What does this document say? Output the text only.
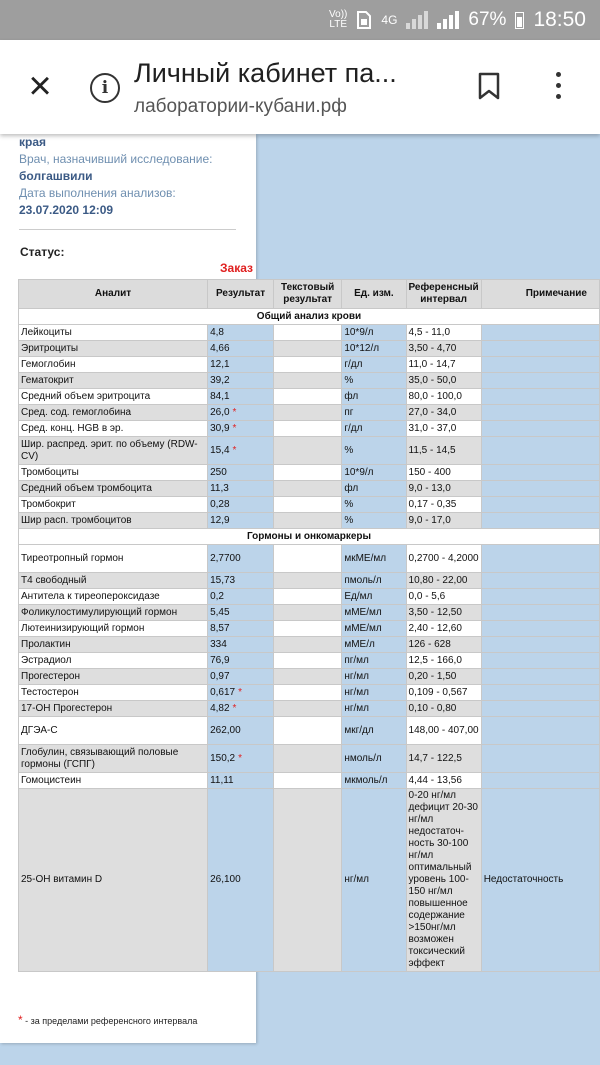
Vo))
LTE	4G	67% 18:50
×	i Личный кабинет па...
лаборатории-кубани.рф
края
Врач, назначивший исследование:
болгашвили
Дата выполнения анализов:
23.07.2020 12:09
Статус:
Заказ
* - за пределами референсного интервала
Аналит	Результат	Текстовый результат	Ед. изм.	Референсный интервал	Примечание
Общий анализ крови					
Лейкоциты	4,8		10*9/л	4,5 - 11,0	
Эритроциты	4,66		10*12/л	3,50 - 4,70	
Гемоглобин	12,1		г/дл	11,0 - 14,7	
Гематокрит	39,2		%	35,0 - 50,0	
Средний объем эритроцита	84,1		фл	80,0 - 100,0	
Сред. сод. гемоглобина	26,0 *		пг	27,0 - 34,0	
Сред. конц. HGB в эр.	30,9 *		г/дл	31,0 - 37,0	
Шир. распред. эрит. по объему (RDW-CV)	15,4 *		%	11,5 - 14,5	
Тромбоциты	250		10*9/л	150 - 400	
Средний объем тромбоцита	11,3		фл	9,0 - 13,0	
Тромбокрит	0,28		%	0,17 - 0,35	
Шир расп. тромбоцитов	12,9		%	9,0 - 17,0	
Гормоны и онкомаркеры					
Тиреотропный гормон	2,7700		мкМЕ/мл	0,2700 - 4,2000	
Т4 свободный	15,73		пмоль/л	10,80 - 22,00	
Антитела к тиреопероксидазе	0,2		Ед/мл	0,0 - 5,6	
Фоликулостимулирующий гормон	5,45		мМЕ/мл	3,50 - 12,50	
Лютеинизирующий гормон	8,57		мМЕ/мл	2,40 - 12,60	
Пролактин	334		мМЕ/л	126 - 628	
Эстрадиол	76,9		пг/мл	12,5 - 166,0	
Прогестерон	0,97		нг/мл	0,20 - 1,50	
Тестостерон	0,617 *		нг/мл	0,109 - 0,567	
17-ОН Прогестерон	4,82 *		нг/мл	0,10 - 0,80	
ДГЭА-С	262,00		мкг/дл	148,00 - 407,00	
Глобулин, связывающий половые гормоны (ГСПГ)	150,2 *		нмоль/л	14,7 - 122,5	
Гомоцистеин	11,11		мкмоль/л	4,44 - 13,56	
25-ОН витамин D	26,100		нг/мл	0-20 нг/мл дефицит 20-30 нг/мл недостаточ-ность 30-100 нг/мл оптимальный уровень 100-150 нг/мл повышенное содержание >150нг/мл возможен токсический эффект	Недостаточность
